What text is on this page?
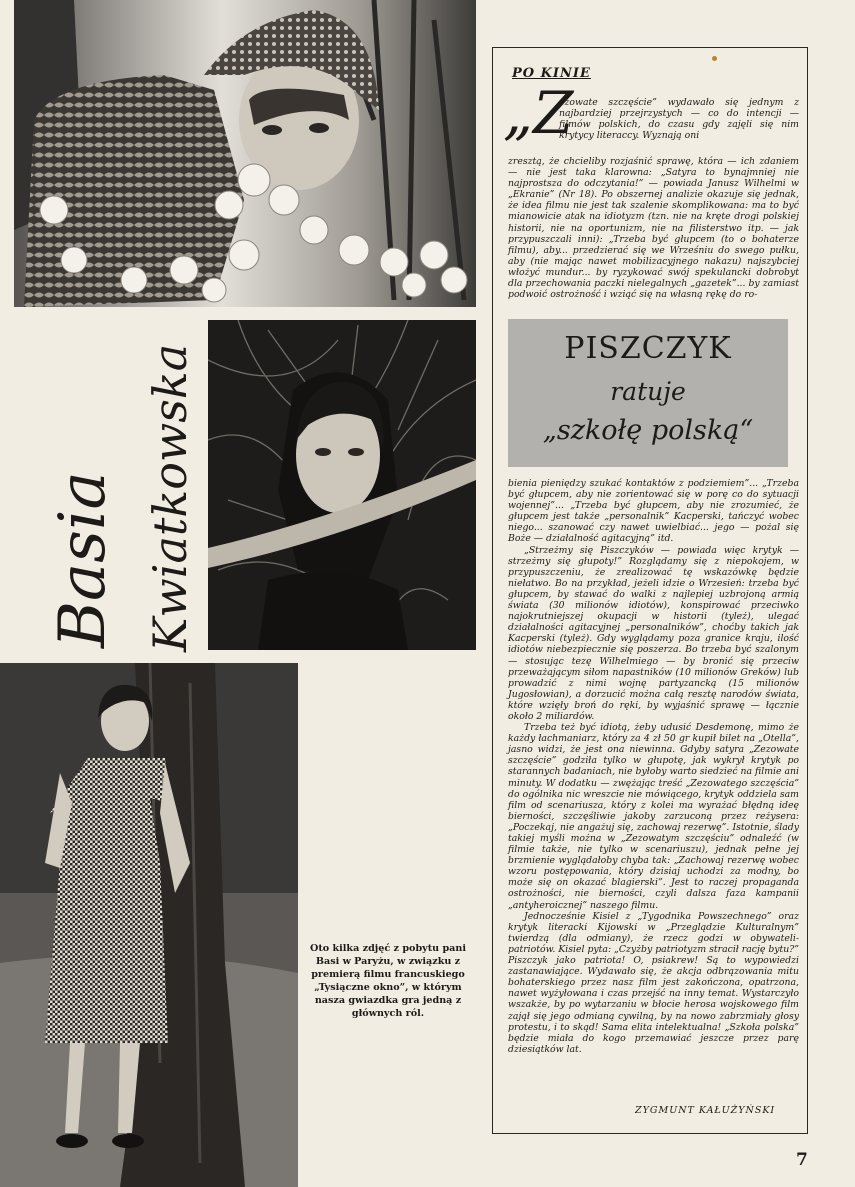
Basia Kwiatkowska
Oto kilka zdjęć z pobytu pani Basi w Paryżu, w związku z premierą filmu francuskiego „Tysiączne okno”, w którym nasza gwiazdka gra jedną z głównych ról.
PO KINIE
„Z

ezowate szczęście” wydawało się jednym z najbardziej przejrzystych — co do intencji — filmów polskich, do czasu gdy zajęli się nim krytycy literaccy. Wyznają oni

zresztą, że chcieliby rozjaśnić sprawę, która — ich zdaniem — nie jest taka klarowna: „Satyra to bynajmniej nie najprostsza do odczytania!” — powiada Janusz Wilhelmi w „Ekranie” (Nr 18). Po obszernej analizie okazuje się jednak, że idea filmu nie jest tak szalenie skomplikowana: ma to być mianowicie atak na idiotyzm (tzn. nie na kręte drogi polskiej historii, nie na oportunizm, nie na filisterstwo itp. — jak przypuszczali inni): „Trzeba być głupcem (to o bohaterze filmu), aby... przedzierać się we Wrześniu do swego pułku, aby (nie mając nawet mobilizacyjnego nakazu) najszybciej włożyć mundur... by ryzykować swój spekulancki dobrobyt dla przechowania paczki nielegalnych „gazetek”... by zamiast podwoić ostrożność i wziąć się na własną rękę do ro-

PISZCZYK
ratuje
„szkołę polską“

bienia pieniędzy szukać kontaktów z podziemiem”... „Trzeba być głupcem, aby nie zorientować się w porę co do sytuacji wojennej”... „Trzeba być głupcem, aby nie zrozumieć, że głupcem jest także „personalnik” Kacperski, tańczyć wobec niego... szanować czy nawet uwielbiać... jego — pożal się Boże — działalność agitacyjną” itd.

„Strzeżmy się Piszczyków — powiada więc krytyk — strzeżmy się głupoty!” Rozglądamy się z niepokojem, w przypuszczeniu, że zrealizować tę wskazówkę będzie niełatwo. Bo na przykład, jeżeli idzie o Wrzesień: trzeba być głupcem, by stawać do walki z najlepiej uzbrojoną armią świata (30 milionów idiotów), konspirować przeciwko najokrutniejszej okupacji w historii (tyleż), ulegać działalności agitacyjnej „personalników”, choćby takich jak Kacperski (tyleż). Gdy wyglądamy poza granice kraju, ilość idiotów niebezpiecznie się poszerza. Bo trzeba być szalonym — stosując tezę Wilhelmiego — by bronić się przeciw przeważającym siłom napastników (10 milionów Greków) lub prowadzić z nimi wojnę partyzancką (15 milionów Jugosłowian), a dorzucić można całą resztę narodów świata, które wzięły broń do ręki, by wyjaśnić sprawę — łącznie około 2 miliardów.

Trzeba też być idiotą, żeby udusić Desdemonę, mimo że każdy łachmaniarz, który za 4 zł 50 gr kupił bilet na „Otella”, jasno widzi, że jest ona niewinna. Gdyby satyra „Zezowate szczęście” godziła tylko w głupotę, jak wykrył krytyk po starannych badaniach, nie byłoby warto siedzieć na filmie ani minuty. W dodatku — zwężając treść „Zezowatego szczęścia” do ogólnika nic wreszcie nie mówiącego, krytyk oddziela sam film od scenariusza, który z kolei ma wyrażać błędną ideę bierności, szczęśliwie jakoby zarzuconą przez reżysera: „Poczekaj, nie angażuj się, zachowaj rezerwę”. Istotnie, ślady takiej myśli można w „Zezowatym szczęściu” odnaleźć (w filmie także, nie tylko w scenariuszu), jednak pełne jej brzmienie wyglądałoby chyba tak: „Zachowaj rezerwę wobec wzoru postępowania, który dzisiaj uchodzi za modny, bo może się on okazać blagierski”. Jest to raczej propaganda ostrożności, nie bierności, czyli dalsza faza kampanii „antyheroicznej” naszego filmu.

Jednocześnie Kisiel z „Tygodnika Powszechnego” oraz krytyk literacki Kijowski w „Przeglądzie Kulturalnym” twierdzą (dla odmiany), że rzecz godzi w obywateli-patriotów. Kisiel pyta: „Czyżby patriotyzm stracił rację bytu?” Piszczyk jako patriota! O, psiakrew! Są to wypowiedzi zastanawiające. Wydawało się, że akcja odbrązowania mitu bohaterskiego przez nasz film jest zakończona, opatrzona, nawet wyżyłowana i czas przejść na inny temat. Wystarczyło wszakże, by po wytarzaniu w błocie herosa wojskowego film zajął się jego odmianą cywilną, by na nowo zabrzmiały głosy protestu, i to skąd! Sama elita intelektualna! „Szkoła polska” będzie miała do kogo przemawiać jeszcze przez parę dziesiątków lat.

ZYGMUNT KAŁUŻYŃSKI
7
